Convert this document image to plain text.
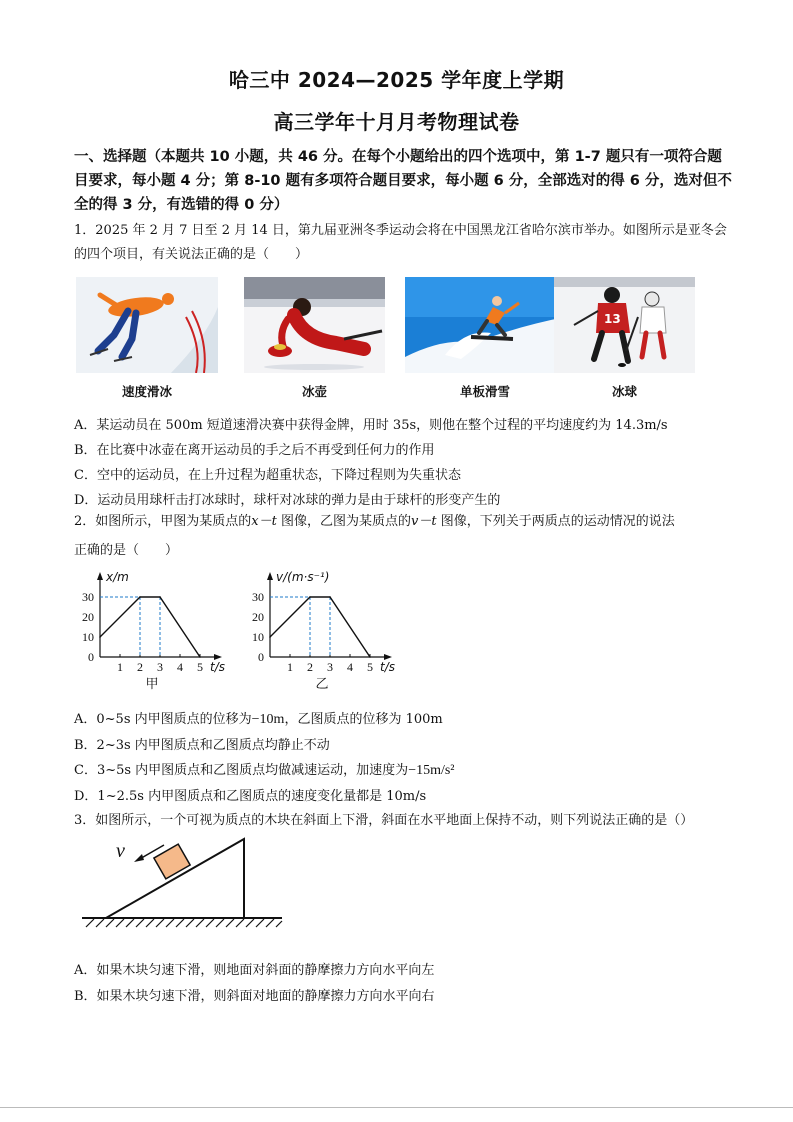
哈三中 2024—2025 学年度上学期
高三学年十月月考物理试卷
一、选择题（本题共 10 小题，共 46 分。在每个小题给出的四个选项中，第 1-7 题只有一项符合题目要求，每小题 4 分；第 8-10 题有多项符合题目要求，每小题 6 分，全部选对的得 6 分，选对但不全的得 3 分，有选错的得 0 分）
1．2025 年 2 月 7 日至 2 月 14 日，第九届亚洲冬季运动会将在中国黑龙江省哈尔滨市举办。如图所示是亚冬会的四个项目，有关说法正确的是（　　）
13
速度滑冰	冰壶	单板滑雪	冰球
A．某运动员在 500m 短道速滑决赛中获得金牌，用时 35s，则他在整个过程的平均速度约为 14.3m/s
B．在比赛中冰壶在离开运动员的手之后不再受到任何力的作用
C．空中的运动员，在上升过程为超重状态，下降过程则为失重状态
D．运动员用球杆击打冰球时，球杆对冰球的弹力是由于球杆的形变产生的
2．如图所示，甲图为某质点的x－t 图像，乙图为某质点的v－t 图像，下列关于两质点的运动情况的说法
正确的是（　　）
x/m
t/s
30
20
10
0
1 2 3 4 5
甲
v/(m·s⁻¹)
t/s
30
20
10
0
1 2 3 4 5
乙
A．0~5s 内甲图质点的位移为−10m，乙图质点的位移为 100m
B．2~3s 内甲图质点和乙图质点均静止不动
C．3~5s 内甲图质点和乙图质点均做减速运动，加速度为−15m/s²
D．1~2.5s 内甲图质点和乙图质点的速度变化量都是 10m/s
3．如图所示，一个可视为质点的木块在斜面上下滑，斜面在水平地面上保持不动，则下列说法正确的是（）
v
A．如果木块匀速下滑，则地面对斜面的静摩擦力方向水平向左
B．如果木块匀速下滑，则斜面对地面的静摩擦力方向水平向右
